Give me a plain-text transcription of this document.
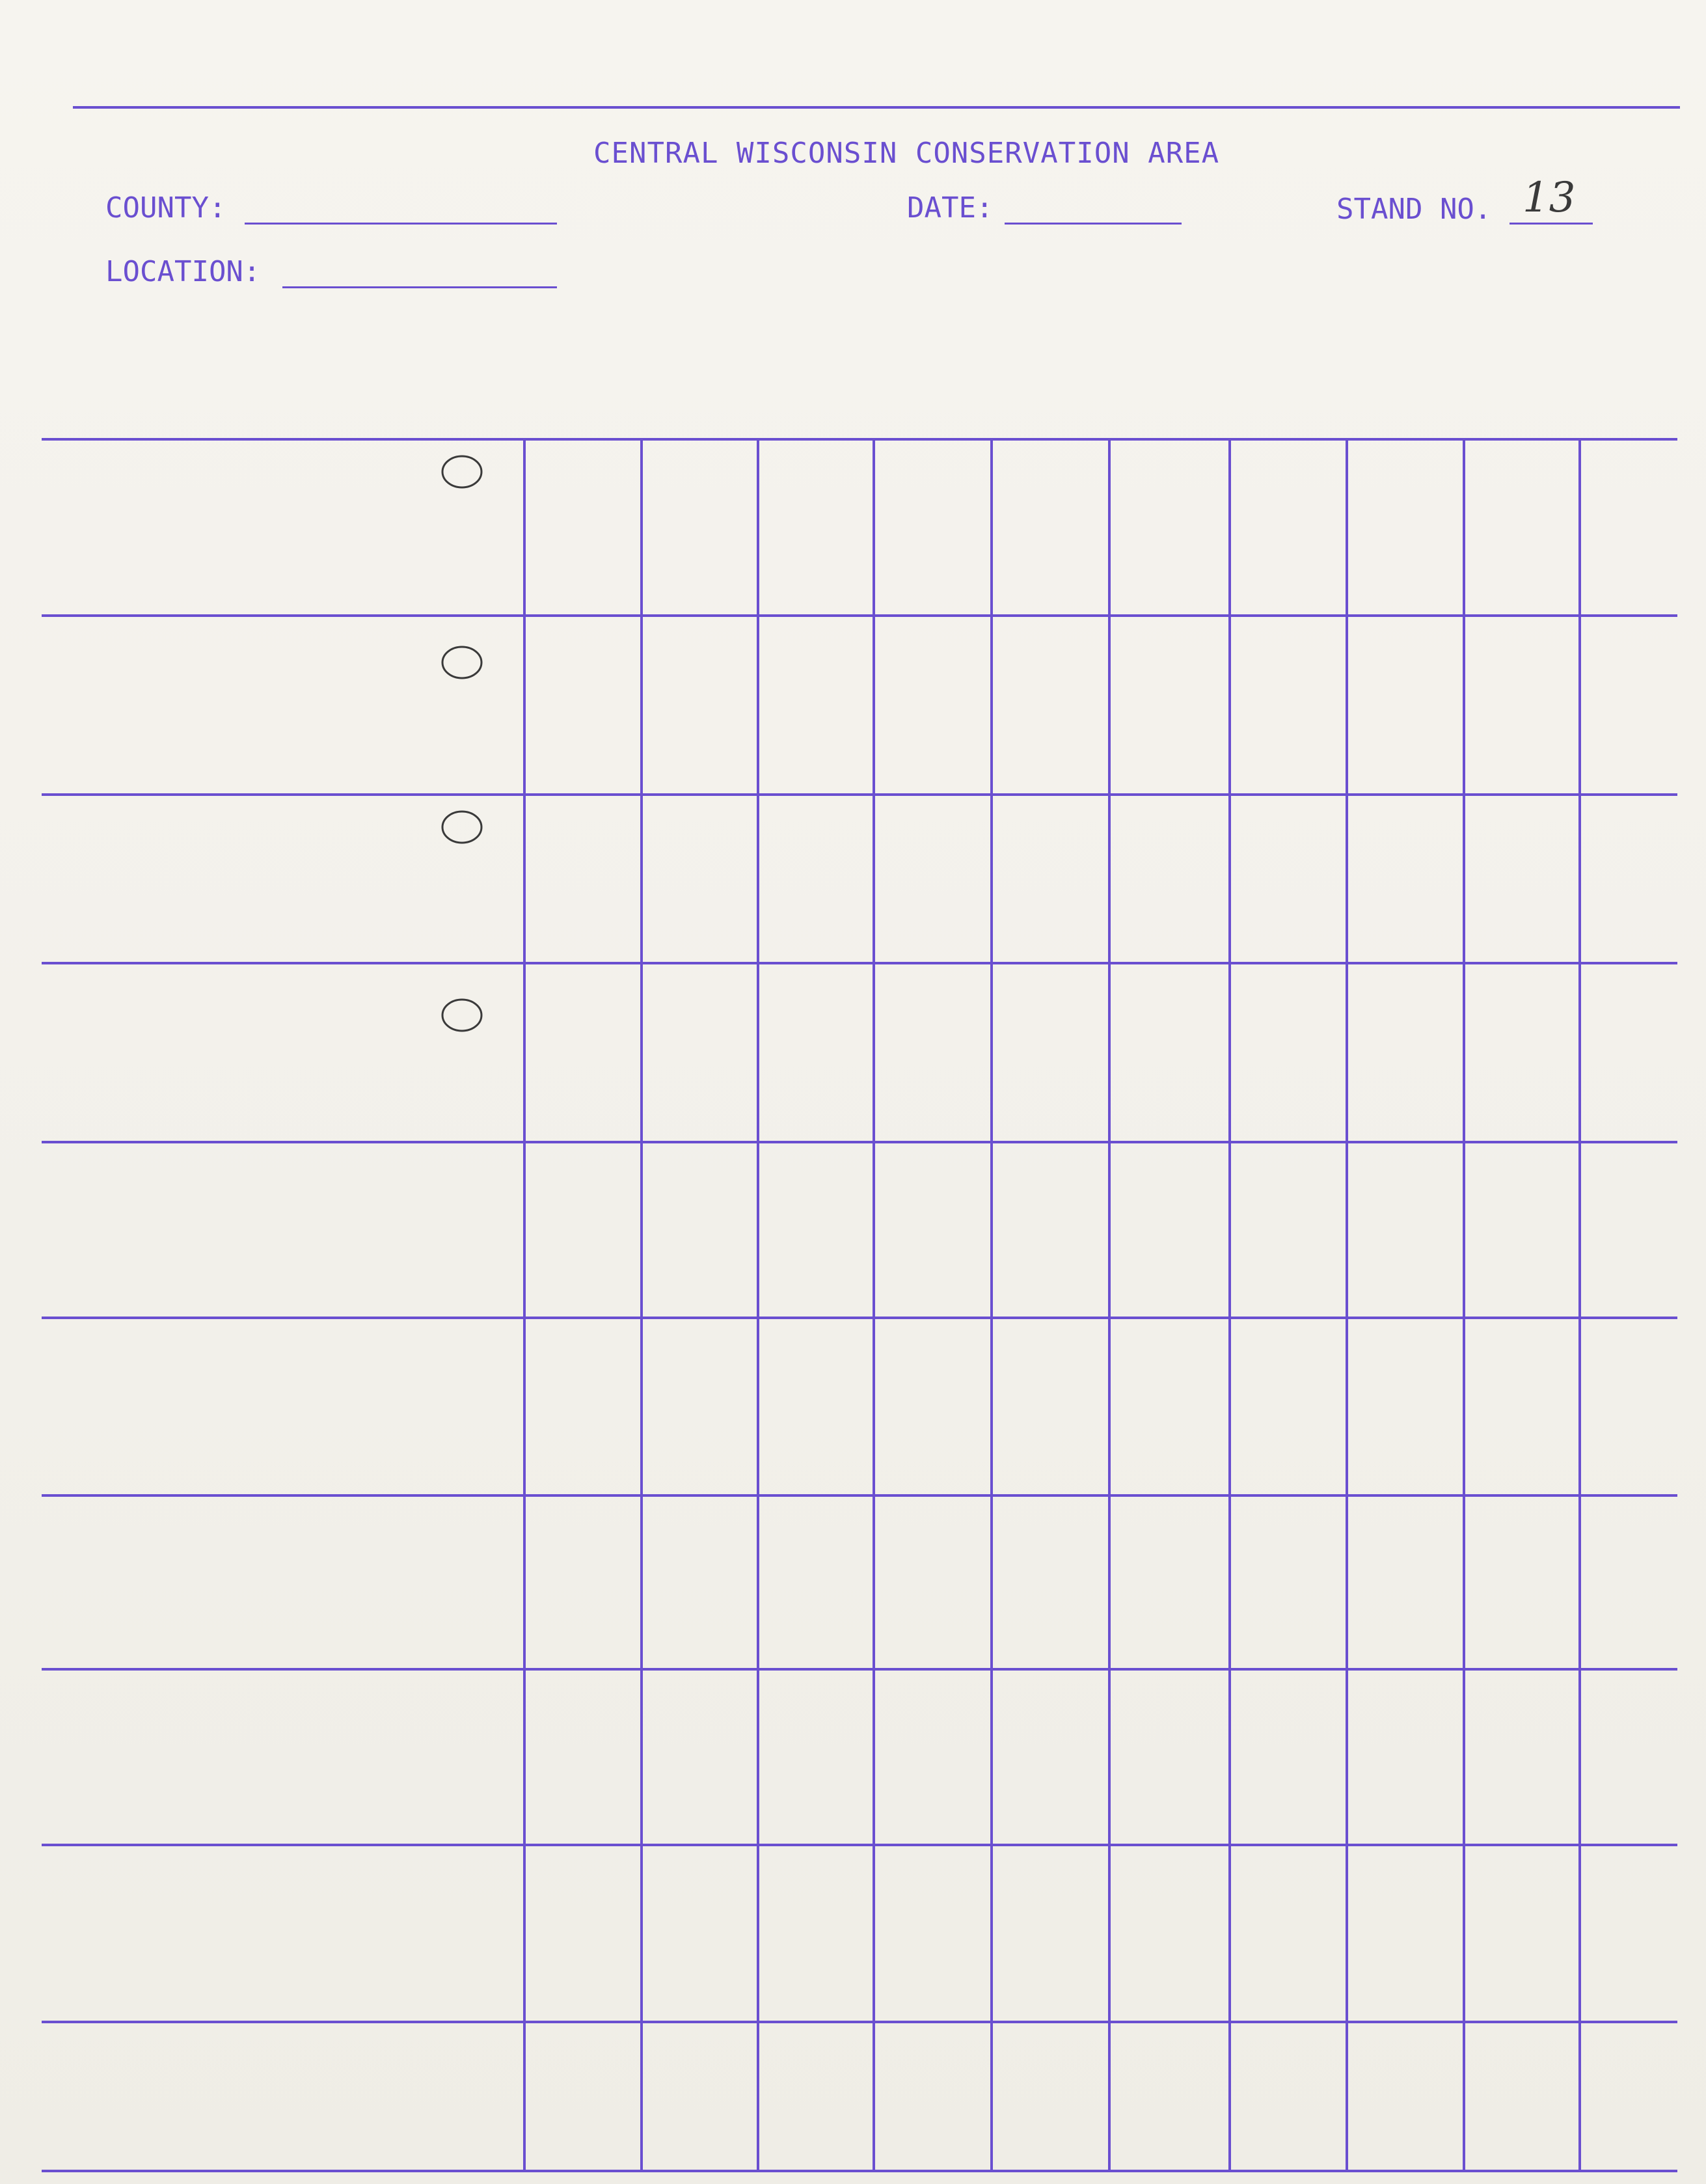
CENTRAL WISCONSIN CONSERVATION AREA
COUNTY:	DATE:	STAND NO. 13
LOCATION:
